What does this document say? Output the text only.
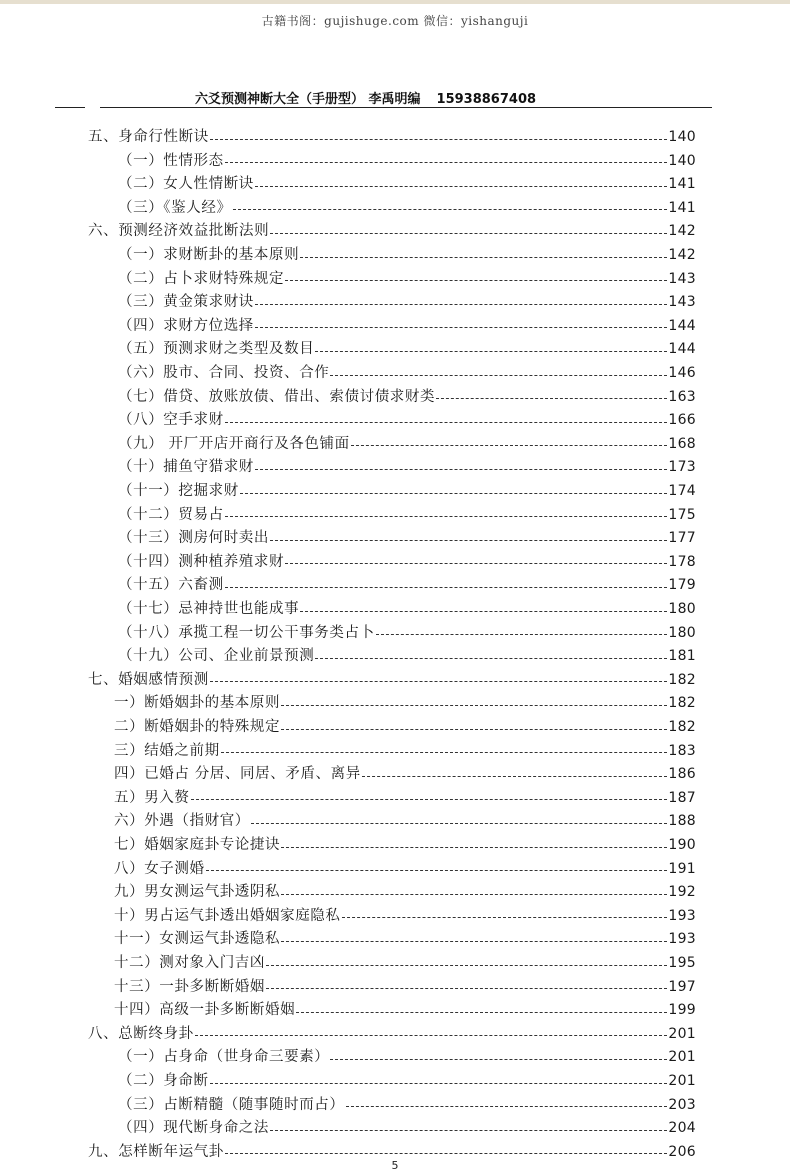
古籍书阁：gujishuge.com 微信：yishanguji
六爻预测神断大全（手册型） 李禹明编 15938867408
五、身命行性断诀	140
（一）性情形态	140
（二）女人性情断诀	141
（三）《鉴人经》	141
六、预测经济效益批断法则	142
（一）求财断卦的基本原则	142
（二）占卜求财特殊规定	143
（三）黄金策求财诀	143
（四）求财方位选择	144
（五）预测求财之类型及数目	144
（六）股市、合同、投资、合作	146
（七）借贷、放账放债、借出、索债讨债求财类	163
（八）空手求财	166
（九） 开厂开店开商行及各色铺面	168
（十）捕鱼守猎求财	173
（十一）挖掘求财	174
（十二）贸易占	175
（十三）测房何时卖出	177
（十四）测种植养殖求财	178
（十五）六畜测	179
（十七）忌神持世也能成事	180
（十八）承揽工程一切公干事务类占卜	180
（十九）公司、企业前景预测	181
七、婚姻感情预测	182
一）断婚姻卦的基本原则	182
二）断婚姻卦的特殊规定	182
三）结婚之前期	183
四）已婚占 分居、同居、矛盾、离异	186
五）男入赘	187
六）外遇（指财官）	188
七）婚姻家庭卦专论捷诀	190
八）女子测婚	191
九）男女测运气卦透阴私	192
十）男占运气卦透出婚姻家庭隐私	193
十一）女测运气卦透隐私	193
十二）测对象入门吉凶	195
十三）一卦多断断婚姻	197
十四）高级一卦多断断婚姻	199
八、总断终身卦	201
（一）占身命（世身命三要素）	201
（二）身命断	201
（三）占断精髓（随事随时而占）	203
（四）现代断身命之法	204
九、怎样断年运气卦	206
5
